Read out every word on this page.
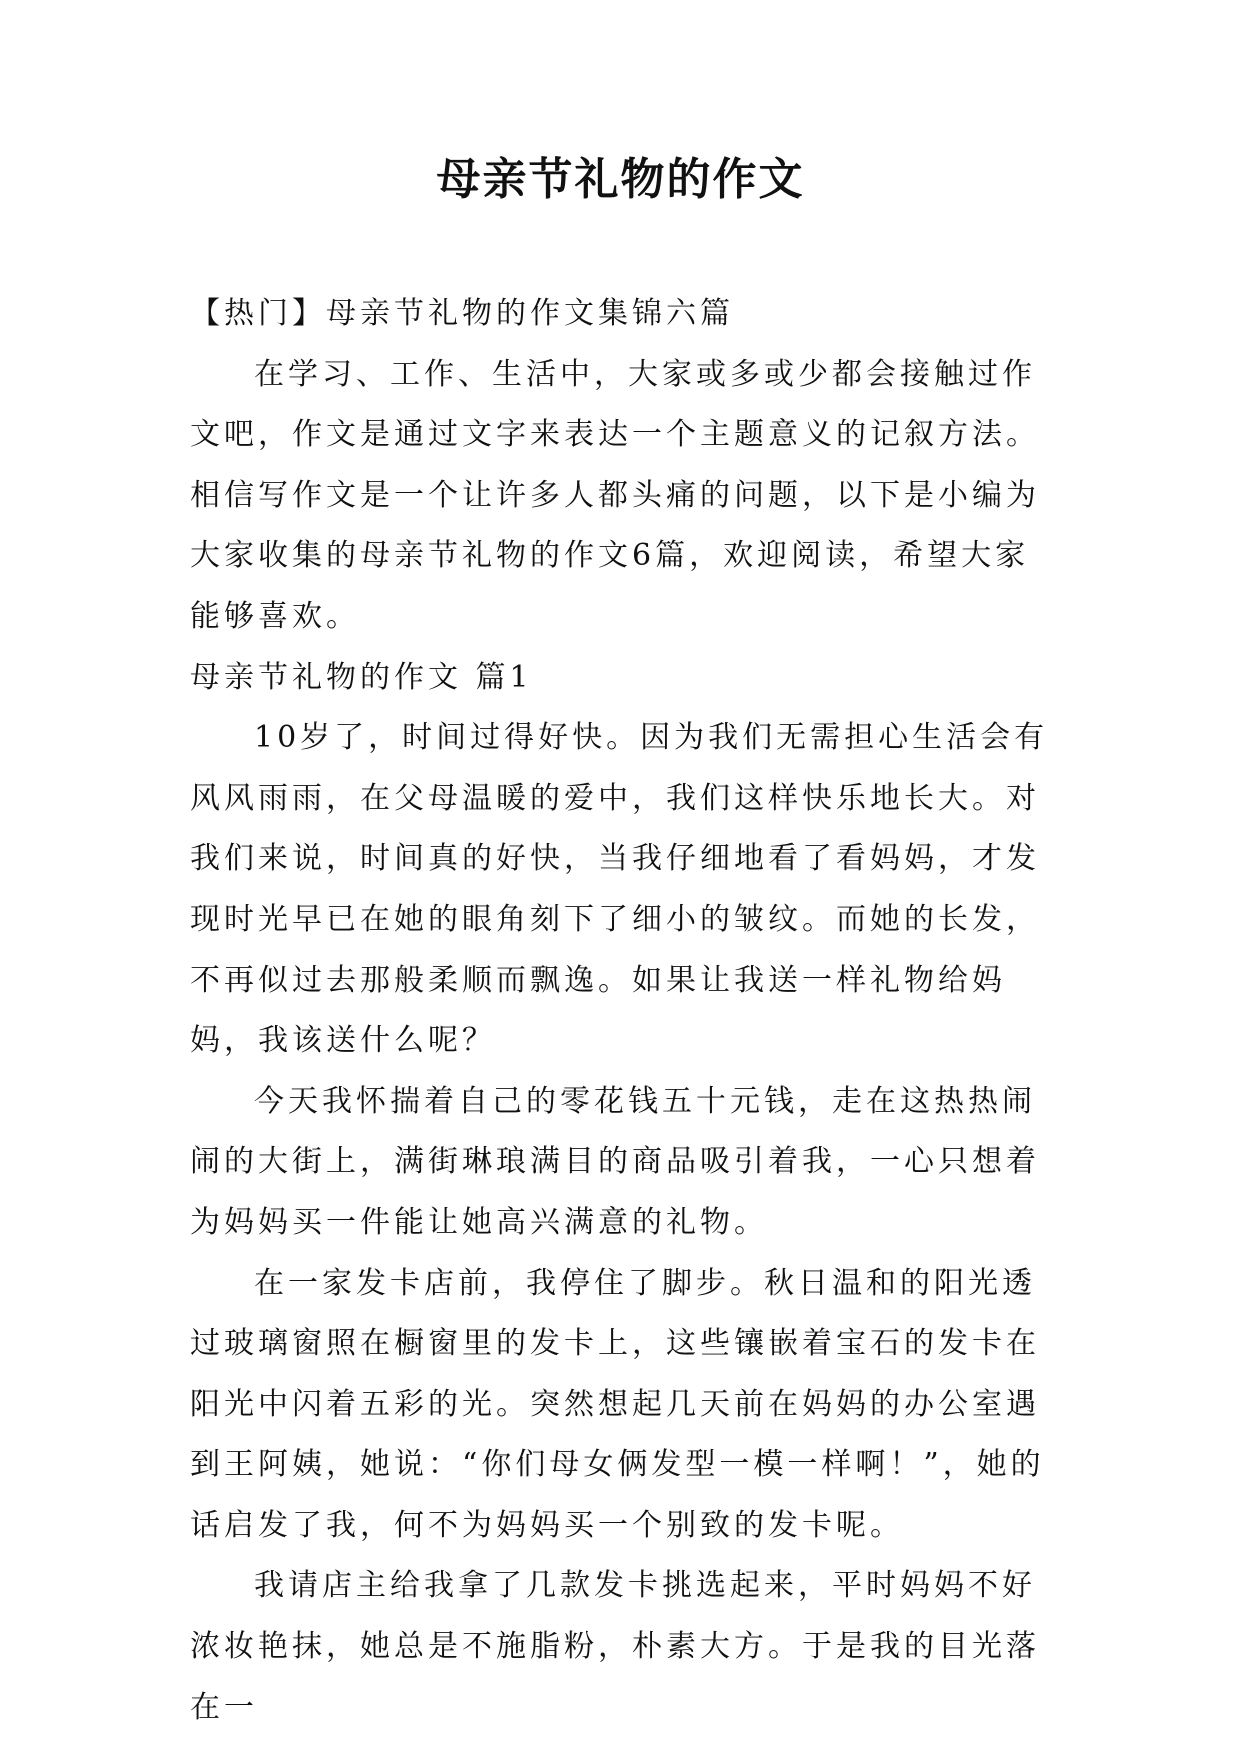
母亲节礼物的作文

【热门】母亲节礼物的作文集锦六篇

在学习、工作、生活中，大家或多或少都会接触过作文吧，作文是通过文字来表达一个主题意义的记叙方法。相信写作文是一个让许多人都头痛的问题，以下是小编为大家收集的母亲节礼物的作文6篇，欢迎阅读，希望大家能够喜欢。

母亲节礼物的作文 篇1

10岁了，时间过得好快。因为我们无需担心生活会有风风雨雨，在父母温暖的爱中，我们这样快乐地长大。对我们来说，时间真的好快，当我仔细地看了看妈妈，才发现时光早已在她的眼角刻下了细小的皱纹。而她的长发，不再似过去那般柔顺而飘逸。如果让我送一样礼物给妈妈，我该送什么呢？

今天我怀揣着自己的零花钱五十元钱，走在这热热闹闹的大街上，满街琳琅满目的商品吸引着我，一心只想着为妈妈买一件能让她高兴满意的礼物。

在一家发卡店前，我停住了脚步。秋日温和的阳光透过玻璃窗照在橱窗里的发卡上，这些镶嵌着宝石的发卡在阳光中闪着五彩的光。突然想起几天前在妈妈的办公室遇到王阿姨，她说：“你们母女俩发型一模一样啊！”，她的话启发了我，何不为妈妈买一个别致的发卡呢。

我请店主给我拿了几款发卡挑选起来，平时妈妈不好浓妆艳抹，她总是不施脂粉，朴素大方。于是我的目光落在一
